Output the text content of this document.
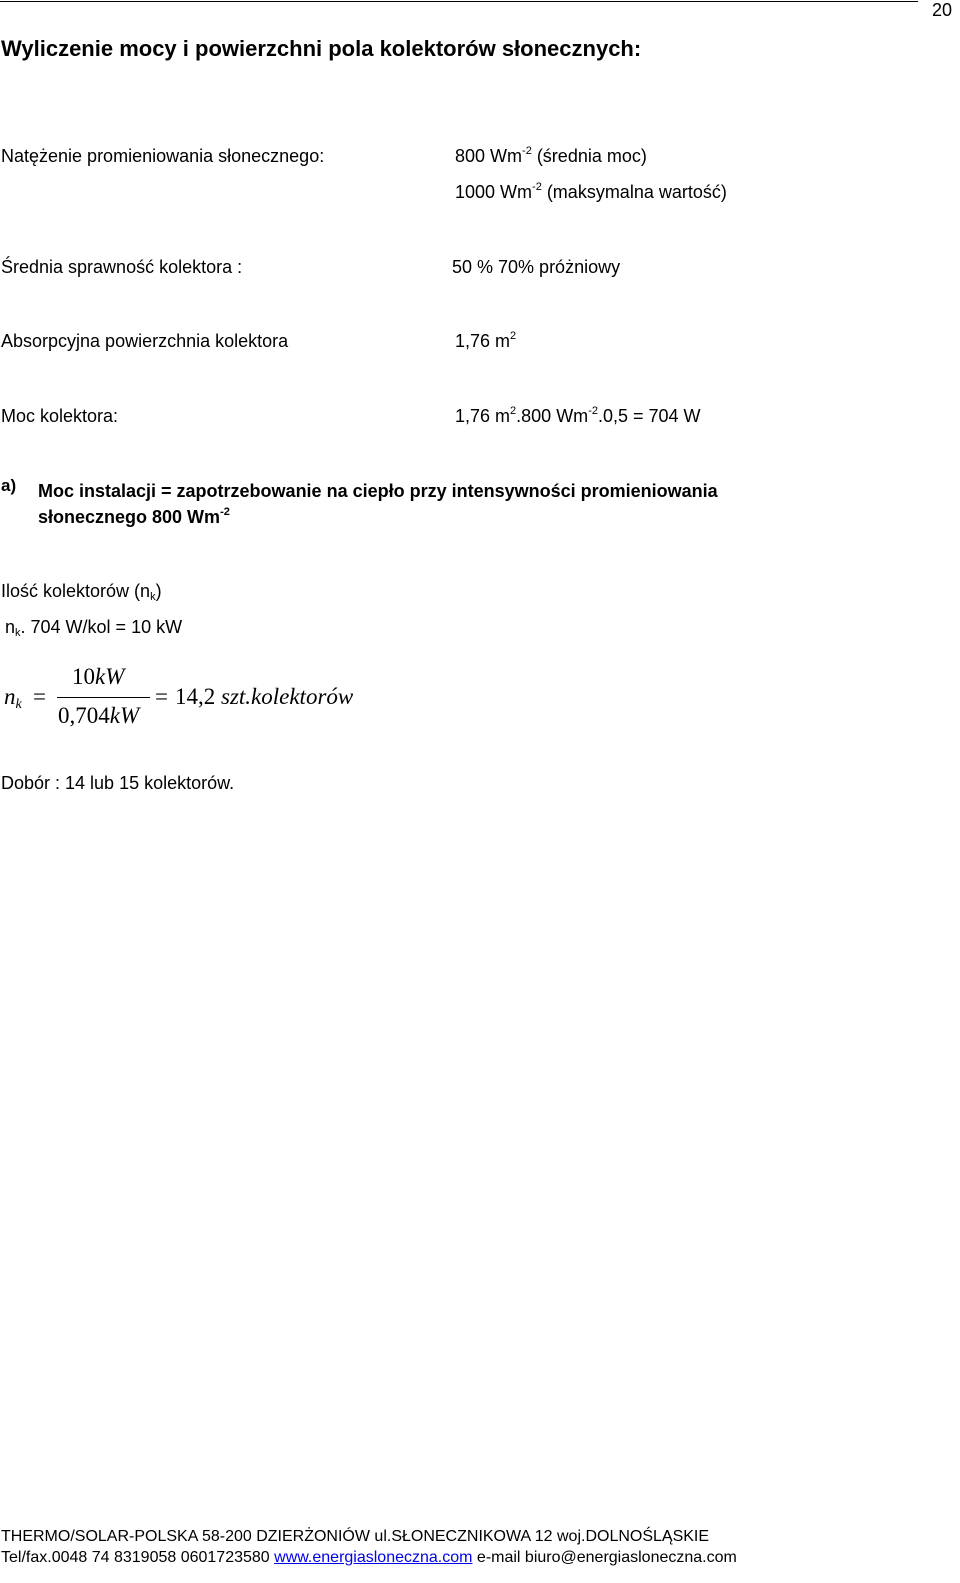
20
Wyliczenie mocy i powierzchni pola kolektorów słonecznych:
Natężenie promieniowania słonecznego:	800 $Wm^{-2}$ (średnia moc)
1000 $Wm^{-2}$ (maksymalna wartość)
Średnia sprawność kolektora :	50 % 70% próżniowy
Absorpcyjna powierzchnia kolektora	1,76 $m^2$
Moc kolektora:	1,76 $m^2.800$ $Wm^{-2}.0,5 = 704$ W
a) Moc instalacji = zapotrzebowanie na ciepło przy intensywności promieniowania
słonecznego 800 $Wm^{-2}$
Ilość kolektorów $(n_k)$
$n_k$. 704 W/kol = 10 kW
$n_k$ =
10kW
0,704kW
= 14,2 szt.kolektorów
Dobór : 14 lub 15 kolektorów.
THERMO/SOLAR-POLSKA 58-200 DZIERŻONIÓW ul.SŁONECZNIKOWA 12 woj.DOLNOŚLĄSKIE
Tel/fax.0048 74 8319058 0601723580 www.energiasloneczna.com e-mail biuro@energiasloneczna.com
